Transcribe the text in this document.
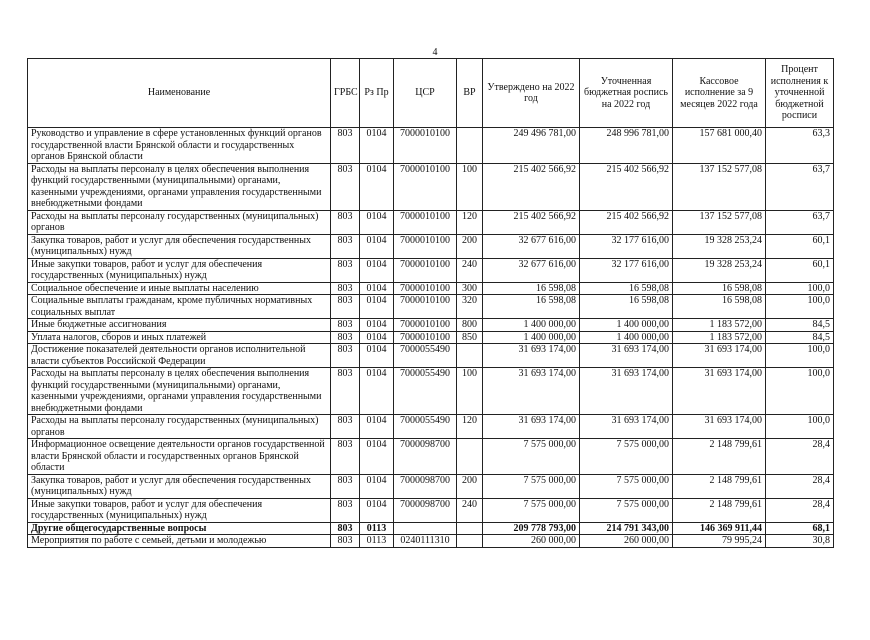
4
Наименование	ГРБС	Рз Пр	ЦСР	ВР	Утверждено на 2022 год	Уточненная бюджетная роспись на 2022 год	Кассовое исполнение за 9 месяцев 2022 года	Процент исполнения к уточненной бюджетной росписи
Руководство и управление в сфере установленных функций органов государственной власти Брянской области и государственных органов Брянской области	803	0104	7000010100		249 496 781,00	248 996 781,00	157 681 000,40	63,3
Расходы на выплаты персоналу в целях обеспечения выполнения функций государственными (муниципальными) органами, казенными учреждениями, органами управления государственными внебюджетными фондами	803	0104	7000010100	100	215 402 566,92	215 402 566,92	137 152 577,08	63,7
Расходы на выплаты персоналу государственных (муниципальных) органов	803	0104	7000010100	120	215 402 566,92	215 402 566,92	137 152 577,08	63,7
Закупка товаров, работ и услуг для обеспечения государственных (муниципальных) нужд	803	0104	7000010100	200	32 677 616,00	32 177 616,00	19 328 253,24	60,1
Иные закупки товаров, работ и услуг для обеспечения государственных (муниципальных) нужд	803	0104	7000010100	240	32 677 616,00	32 177 616,00	19 328 253,24	60,1
Социальное обеспечение и иные выплаты населению	803	0104	7000010100	300	16 598,08	16 598,08	16 598,08	100,0
Социальные выплаты гражданам, кроме публичных нормативных социальных выплат	803	0104	7000010100	320	16 598,08	16 598,08	16 598,08	100,0
Иные бюджетные ассигнования	803	0104	7000010100	800	1 400 000,00	1 400 000,00	1 183 572,00	84,5
Уплата налогов, сборов и иных платежей	803	0104	7000010100	850	1 400 000,00	1 400 000,00	1 183 572,00	84,5
Достижение показателей деятельности органов исполнительной власти субъектов Российской Федерации	803	0104	7000055490		31 693 174,00	31 693 174,00	31 693 174,00	100,0
Расходы на выплаты персоналу в целях обеспечения выполнения функций государственными (муниципальными) органами, казенными учреждениями, органами управления государственными внебюджетными фондами	803	0104	7000055490	100	31 693 174,00	31 693 174,00	31 693 174,00	100,0
Расходы на выплаты персоналу государственных (муниципальных) органов	803	0104	7000055490	120	31 693 174,00	31 693 174,00	31 693 174,00	100,0
Информационное освещение деятельности органов государственной власти Брянской области и государственных органов Брянской области	803	0104	7000098700		7 575 000,00	7 575 000,00	2 148 799,61	28,4
Закупка товаров, работ и услуг для обеспечения государственных (муниципальных) нужд	803	0104	7000098700	200	7 575 000,00	7 575 000,00	2 148 799,61	28,4
Иные закупки товаров, работ и услуг для обеспечения государственных (муниципальных) нужд	803	0104	7000098700	240	7 575 000,00	7 575 000,00	2 148 799,61	28,4
Другие общегосударственные вопросы	803	0113			209 778 793,00	214 791 343,00	146 369 911,44	68,1
Мероприятия по работе с семьей, детьми и молодежью	803	0113	0240111310		260 000,00	260 000,00	79 995,24	30,8
